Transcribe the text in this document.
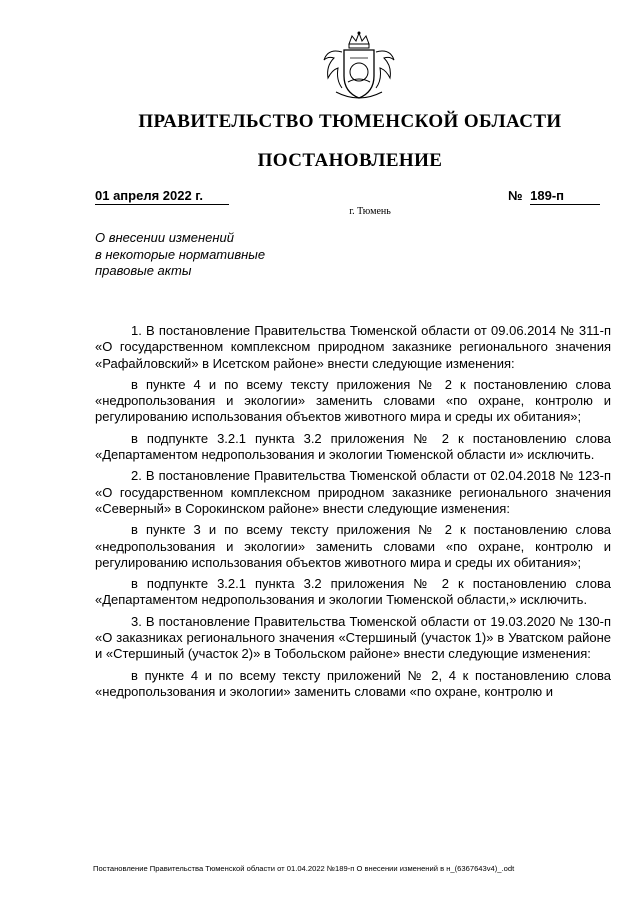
ПРАВИТЕЛЬСТВО ТЮМЕНСКОЙ ОБЛАСТИ
ПОСТАНОВЛЕНИЕ
01 апреля 2022 г.	№ 189-п
г. Тюмень
О внесении изменений
в некоторые нормативные
правовые акты

1. В постановление Правительства Тюменской области от 09.06.2014 № 311-п «О государственном комплексном природном заказнике регионального значения «Рафайловский» в Исетском районе» внести следующие изменения:

в пункте 4 и по всему тексту приложения № 2 к постановлению слова «недропользования и экологии» заменить словами «по охране, контролю и регулированию использования объектов животного мира и среды их обитания»;

в подпункте 3.2.1 пункта 3.2 приложения № 2 к постановлению слова «Департаментом недропользования и экологии Тюменской области и» исключить.

2. В постановление Правительства Тюменской области от 02.04.2018 № 123-п «О государственном комплексном природном заказнике регионального значения «Северный» в Сорокинском районе» внести следующие изменения:

в пункте 3 и по всему тексту приложения № 2 к постановлению слова «недропользования и экологии» заменить словами «по охране, контролю и регулированию использования объектов животного мира и среды их обитания»;

в подпункте 3.2.1 пункта 3.2 приложения № 2 к постановлению слова «Департаментом недропользования и экологии Тюменской области,» исключить.

3. В постановление Правительства Тюменской области от 19.03.2020 № 130-п «О заказниках регионального значения «Стершиный (участок 1)» в Уватском районе и «Стершиный (участок 2)» в Тобольском районе» внести следующие изменения:

в пункте 4 и по всему тексту приложений № 2, 4 к постановлению слова «недропользования и экологии» заменить словами «по охране, контролю и

Постановление Правительства Тюменской области от 01.04.2022 №189-п О внесении изменений в н_(6367643v4)_.odt
